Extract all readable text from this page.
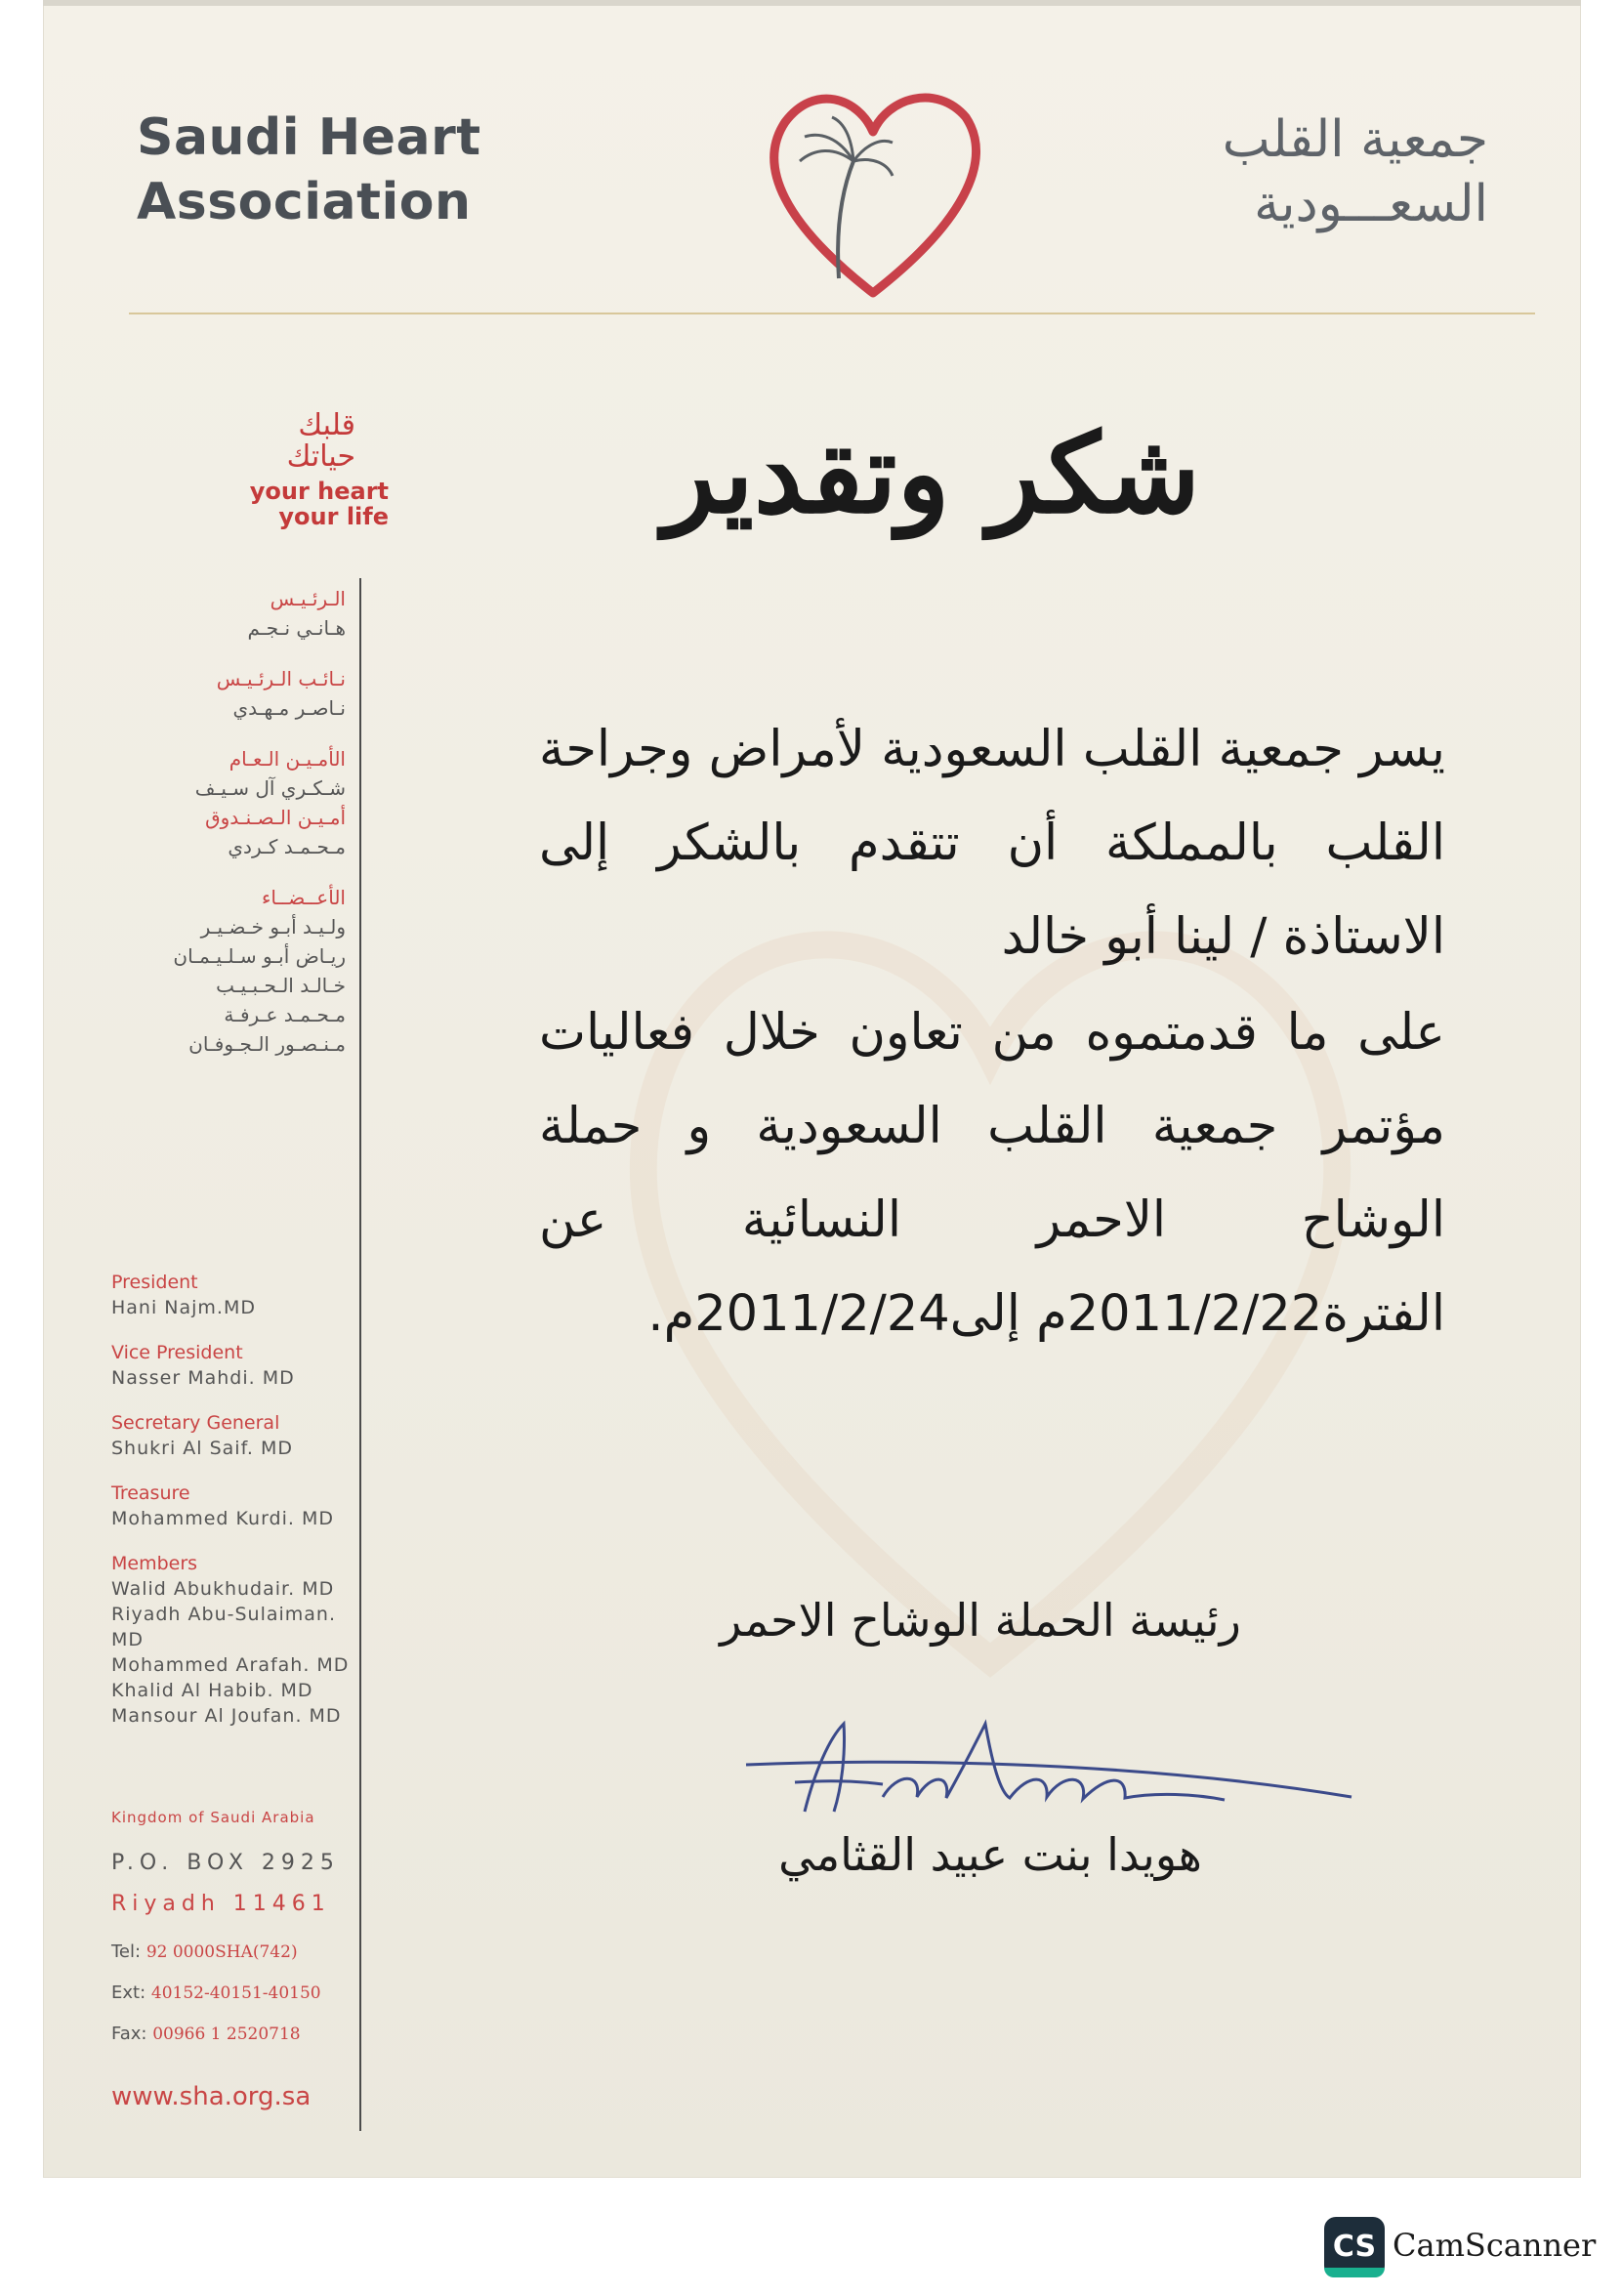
Saudi Heart
Association
جمعية القلب
السعـــودية
قلبك
حياتك
your heart
your life
الـرئـيـس
هـانـي نـجـم
نـائـب الـرئـيـس
نـاصـر مـهـدي
الأمـيـن الـعـام
شـكـري آل سـيـف
أمـيـن الـصـنـدوق
مـحـمـد كـردي
الأعــضــاء
ولـيـد أبـو خـضـيـر
ريـاض أبـو سـلـيـمـان
خـالـد الـحـبـيـب
مـحـمـد عـرفـة
مـنـصـور الـجـوفـان
President
Hani Najm.MD
Vice President
Nasser Mahdi. MD
Secretary General
Shukri Al Saif. MD
Treasure
Mohammed Kurdi. MD
Members
Walid Abukhudair. MD
Riyadh Abu-Sulaiman. MD
Mohammed Arafah. MD
Khalid Al Habib. MD
Mansour Al Joufan. MD
Kingdom of Saudi Arabia
P.O. BOX 2925
Riyadh 11461
Tel: 92 0000SHA(742)
Ext: 40152-40151-40150
Fax: 00966 1 2520718
www.sha.org.sa
شكر وتقدير

يسر جمعية القلب السعودية لأمراض وجراحة القلب بالمملكة أن تتقدم بالشكر إلى الاستاذة / لينا أبو خالد

على ما قدمتموه من تعاون خلال فعاليات مؤتمر جمعية القلب السعودية و حملة الوشاح الاحمر النسائية عن الفترة2011/2/22م إلى2011/2/24م.

رئيسة الحملة الوشاح الاحمر
هويدا بنت عبيد القثامي
CS CamScanner
